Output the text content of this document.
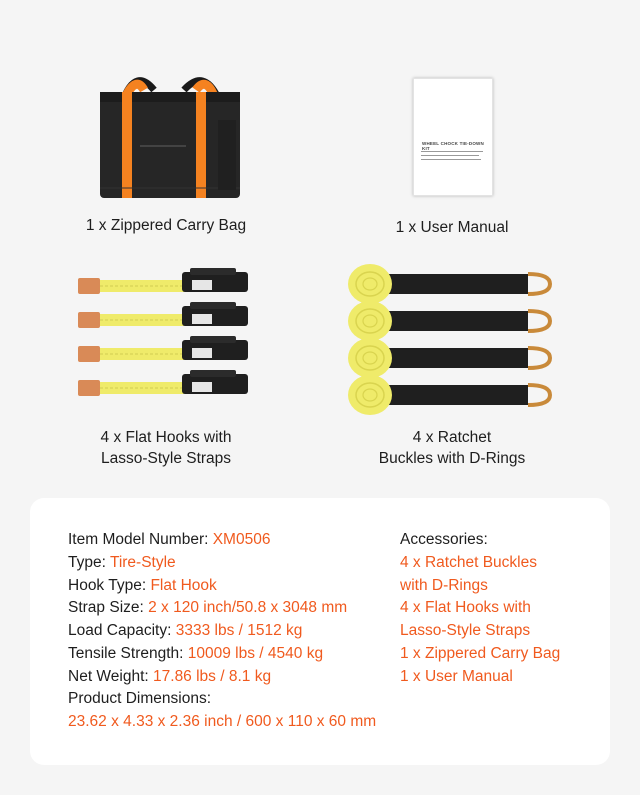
1 x Zippered Carry Bag
WHEEL CHOCK TIE-DOWN KIT
1 x User Manual
4 x Flat Hooks with
Lasso-Style Straps
4 x Ratchet
Buckles with D-Rings
Item Model Number: XM0506
Type: Tire-Style
Hook Type: Flat Hook
Strap Size: 2 x 120 inch/50.8 x 3048 mm
Load Capacity: 3333 lbs / 1512 kg
Tensile Strength: 10009 lbs / 4540 kg
Net Weight: 17.86 lbs / 8.1 kg
Product Dimensions:
23.62 x 4.33 x 2.36 inch / 600 x 110 x 60 mm
Accessories:
4 x Ratchet Buckles
with D-Rings
4 x Flat Hooks with
Lasso-Style Straps
1 x Zippered Carry Bag
1 x User Manual
